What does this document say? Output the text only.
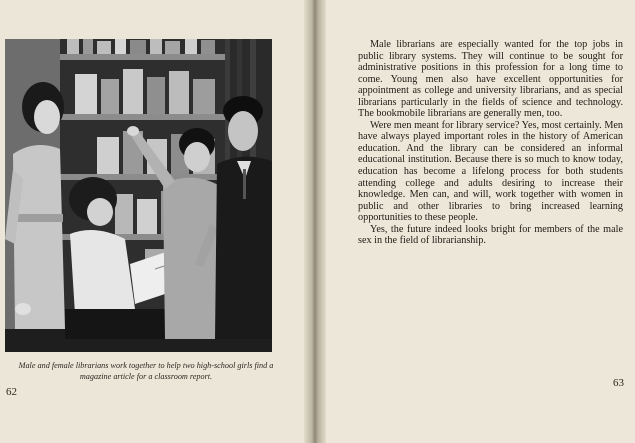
Male and female librarians work together to help two high-school girls find a magazine article for a classroom report.
62

Male librarians are especially wanted for the top jobs in public library systems. They will continue to be sought for administrative positions in this profession for a long time to come. Young men also have excellent opportunities for appointment as college and university librarians, and as special librarians particularly in the fields of science and technology. The bookmobile librarians are generally men, too.

Were men meant for library service? Yes, most certainly. Men have always played important roles in the history of American education. And the library can be considered an informal educational institution. Because there is so much to know today, education has become a lifelong process for both students attending college and adults desiring to increase their knowledge. Men can, and will, work together with women in public and other libraries to bring increased learning opportunities to these people.

Yes, the future indeed looks bright for members of the male sex in the field of librarianship.

63
